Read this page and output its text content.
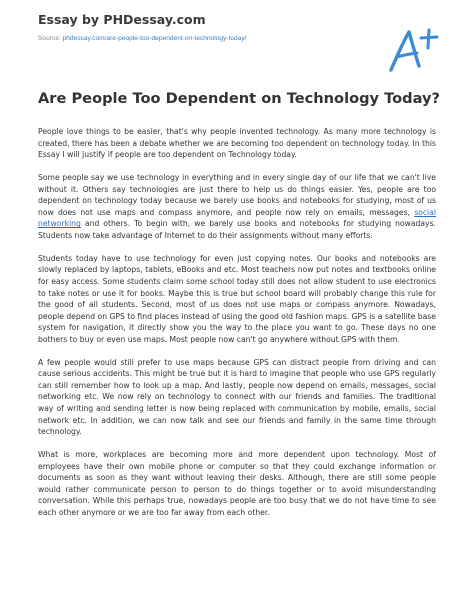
Essay by PHDessay.com
Source: phdessay.com/are-people-too-dependent-on-technology-today/
Are People Too Dependent on Technology Today?

People love things to be easier, that's why people invented technology. As many more technology is created, there has been a debate whether we are becoming too dependent on technology today. In this Essay I will justify if people are too dependent on Technology today.

Some people say we use technology in everything and in every single day of our life that we can't live without it. Others say technologies are just there to help us do things easier. Yes, people are too dependent on technology today because we barely use books and notebooks for studying, most of us now does not use maps and compass anymore, and people now rely on emails, messages, social networking and others. To begin with, we barely use books and notebooks for studying nowadays. Students now take advantage of Internet to do their assignments without many efforts.

Students today have to use technology for even just copying notes. Our books and notebooks are slowly replaced by laptops, tablets, eBooks and etc. Most teachers now put notes and textbooks online for easy access. Some students claim some school today still does not allow student to use electronics to take notes or use it for books. Maybe this is true but school board will probably change this rule for the good of all students. Second, most of us does not use maps or compass anymore. Nowadays, people depend on GPS to find places instead of using the good old fashion maps. GPS is a satellite base system for navigation, it directly show you the way to the place you want to go. These days no one bothers to buy or even use maps. Most people now can't go anywhere without GPS with them.

A few people would still prefer to use maps because GPS can distract people from driving and can cause serious accidents. This might be true but it is hard to imagine that people who use GPS regularly can still remember how to look up a map. And lastly, people now depend on emails, messages, social networking etc. We now rely on technology to connect with our friends and families. The traditional way of writing and sending letter is now being replaced with communication by mobile, emails, social network etc. In addition, we can now talk and see our friends and family in the same time through technology.

What is more, workplaces are becoming more and more dependent upon technology. Most of employees have their own mobile phone or computer so that they could exchange information or documents as soon as they want without leaving their desks. Although, there are still some people would rather communicate person to person to do things together or to avoid misunderstanding conversation. While this perhaps true, nowadays people are too busy that we do not have time to see each other anymore or we are too far away from each other.
